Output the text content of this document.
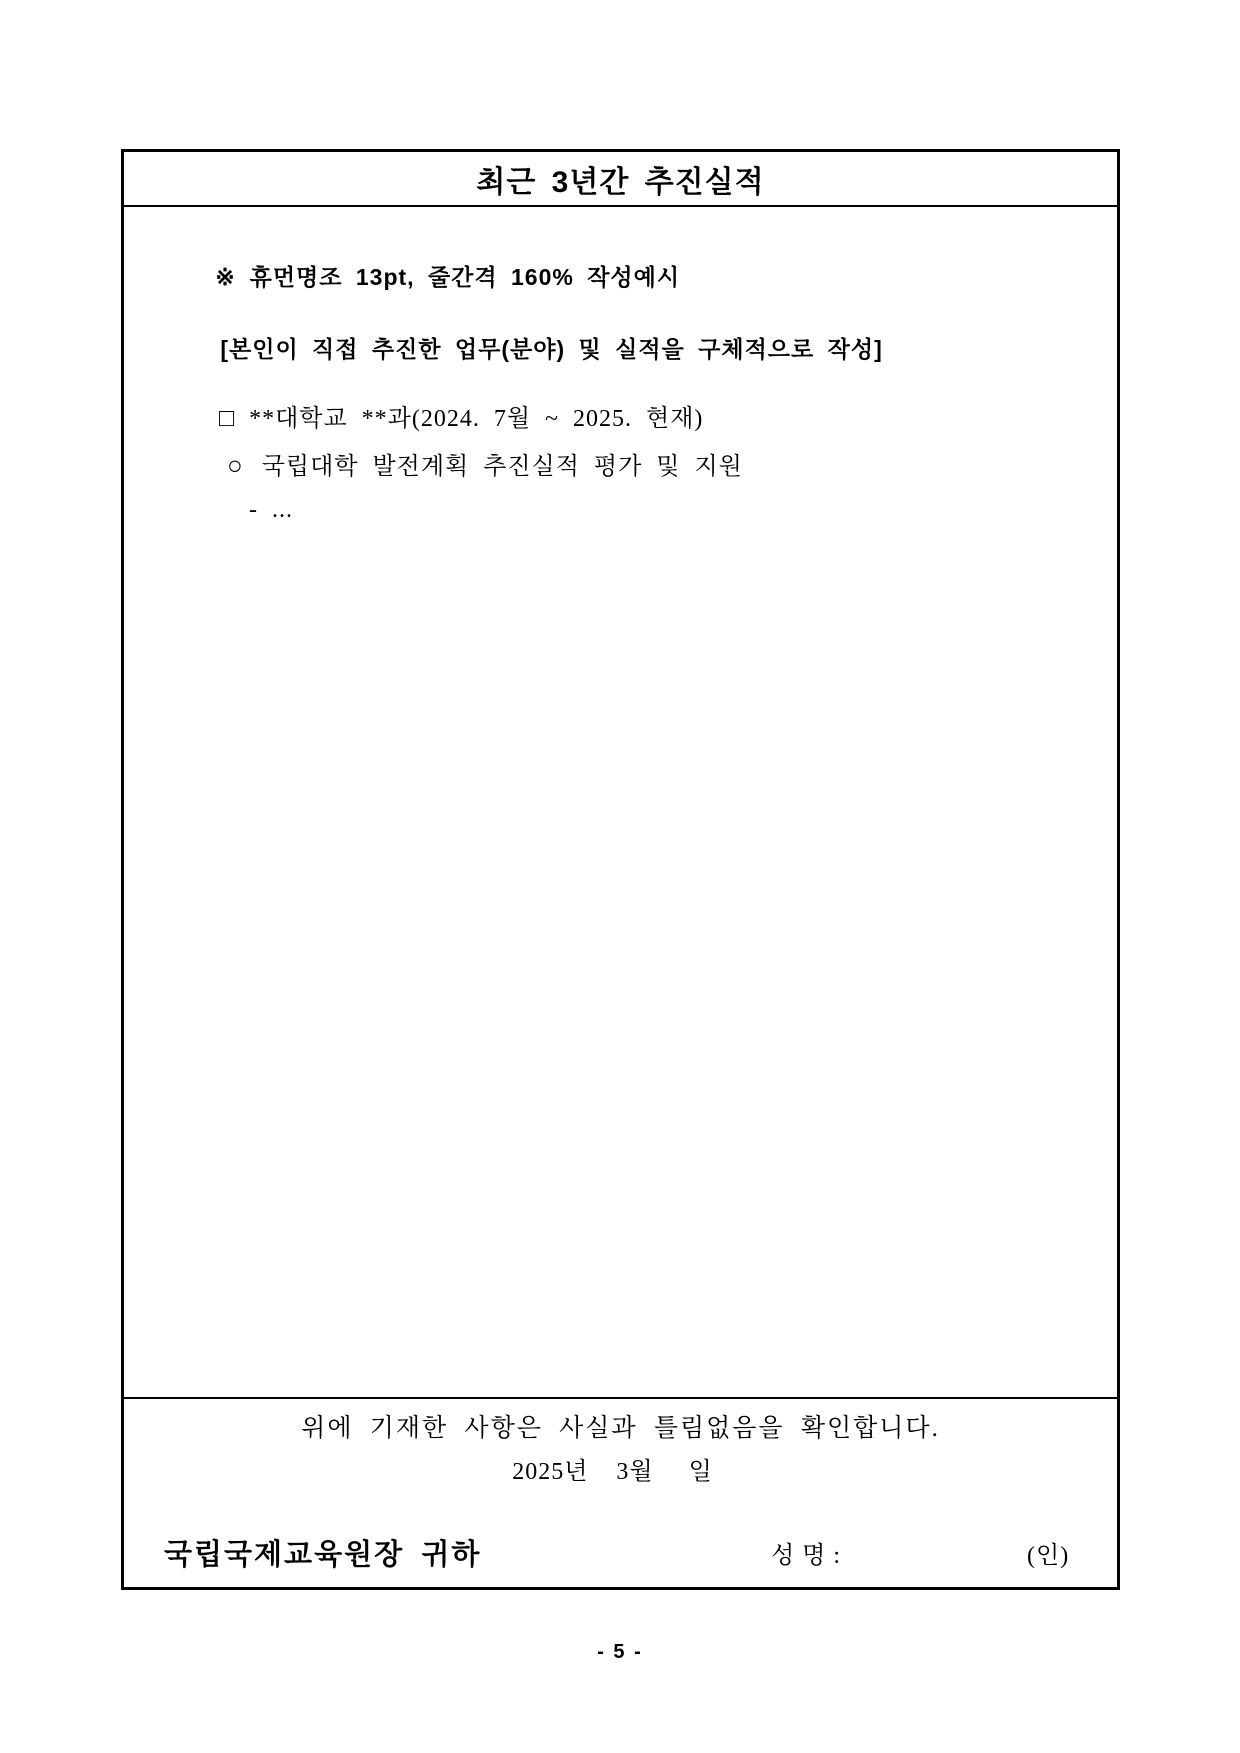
최근 3년간 추진실적

※ 휴먼명조 13pt, 줄간격 160% 작성예시

[본인이 직접 추진한 업무(분야) 및 실적을 구체적으로 작성]

□ **대학교 **과(2024. 7월 ~ 2025. 현재)

○ 국립대학 발전계획 추진실적 평가 및 지원

- ...

위에 기재한 사항은 사실과 틀림없음을 확인합니다.

2025년    3월     일

성 명 :	(인)

국립국제교육원장 귀하

- 5 -
